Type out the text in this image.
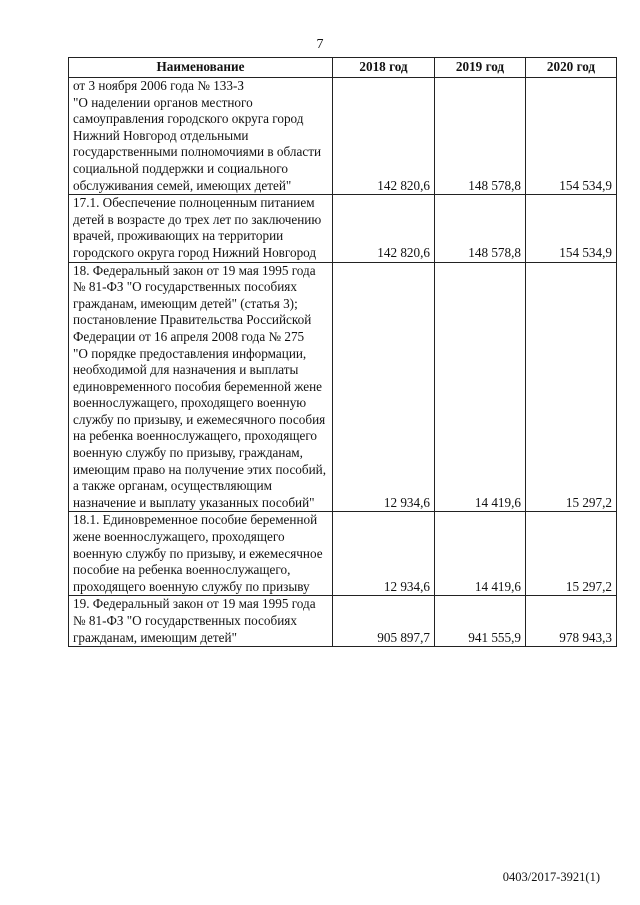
7
Наименование	2018 год	2019 год	2020 год
от 3 ноября 2006 года № 133-З
"О наделении органов местного самоуправления городского округа город Нижний Новгород отдельными государственными полномочиями в области социальной поддержки и социального обслуживания семей, имеющих детей"	142 820,6	148 578,8	154 534,9
17.1. Обеспечение полноценным питанием детей в возрасте до трех лет по заключению врачей, проживающих на территории городского округа город Нижний Новгород	142 820,6	148 578,8	154 534,9
18. Федеральный закон от 19 мая 1995 года № 81-ФЗ "О государственных пособиях гражданам, имеющим детей" (статья 3); постановление Правительства Российской Федерации от 16 апреля 2008 года № 275
"О порядке предоставления информации, необходимой для назначения и выплаты единовременного пособия беременной жене военнослужащего, проходящего военную службу по призыву, и ежемесячного пособия на ребенка военнослужащего, проходящего военную службу по призыву, гражданам, имеющим право на получение этих пособий, а также органам, осуществляющим назначение и выплату указанных пособий"	12 934,6	14 419,6	15 297,2
18.1. Единовременное пособие беременной жене военнослужащего, проходящего военную службу по призыву, и ежемесячное пособие на ребенка военнослужащего, проходящего военную службу по призыву	12 934,6	14 419,6	15 297,2
19. Федеральный закон от 19 мая 1995 года № 81-ФЗ "О государственных пособиях гражданам, имеющим детей"	905 897,7	941 555,9	978 943,3
0403/2017-3921(1)
